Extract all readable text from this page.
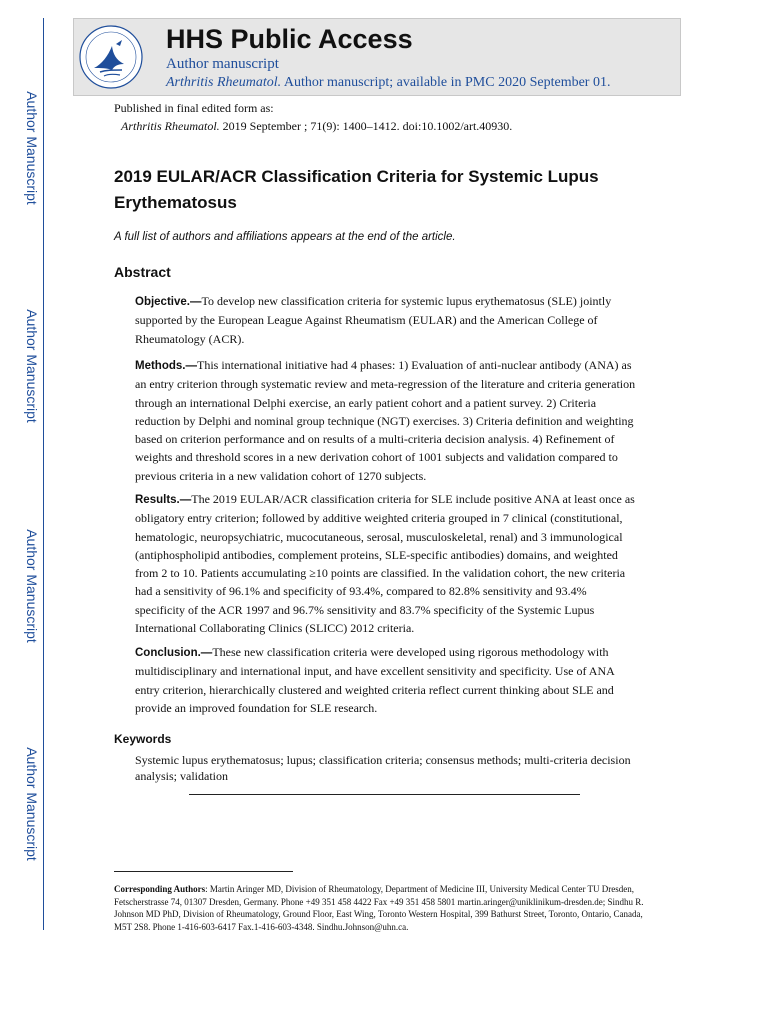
Author Manuscript
Author Manuscript
Author Manuscript
Author Manuscript
HHS Public Access
Author manuscript
Arthritis Rheumatol. Author manuscript; available in PMC 2020 September 01.
Published in final edited form as:
Arthritis Rheumatol. 2019 September ; 71(9): 1400–1412. doi:10.1002/art.40930.
2019 EULAR/ACR Classification Criteria for Systemic Lupus Erythematosus
A full list of authors and affiliations appears at the end of the article.
Abstract

Objective.—To develop new classification criteria for systemic lupus erythematosus (SLE) jointly supported by the European League Against Rheumatism (EULAR) and the American College of Rheumatology (ACR).

Methods.—This international initiative had 4 phases: 1) Evaluation of anti-nuclear antibody (ANA) as an entry criterion through systematic review and meta-regression of the literature and criteria generation through an international Delphi exercise, an early patient cohort and a patient survey. 2) Criteria reduction by Delphi and nominal group technique (NGT) exercises. 3) Criteria definition and weighting based on criterion performance and on results of a multi-criteria decision analysis. 4) Refinement of weights and threshold scores in a new derivation cohort of 1001 subjects and validation compared to previous criteria in a new validation cohort of 1270 subjects.

Results.—The 2019 EULAR/ACR classification criteria for SLE include positive ANA at least once as obligatory entry criterion; followed by additive weighted criteria grouped in 7 clinical (constitutional, hematologic, neuropsychiatric, mucocutaneous, serosal, musculoskeletal, renal) and 3 immunological (antiphospholipid antibodies, complement proteins, SLE-specific antibodies) domains, and weighted from 2 to 10. Patients accumulating ≥10 points are classified. In the validation cohort, the new criteria had a sensitivity of 96.1% and specificity of 93.4%, compared to 82.8% sensitivity and 93.4% specificity of the ACR 1997 and 96.7% sensitivity and 83.7% specificity of the Systemic Lupus International Collaborating Clinics (SLICC) 2012 criteria.

Conclusion.—These new classification criteria were developed using rigorous methodology with multidisciplinary and international input, and have excellent sensitivity and specificity. Use of ANA entry criterion, hierarchically clustered and weighted criteria reflect current thinking about SLE and provide an improved foundation for SLE research.

Keywords
Systemic lupus erythematosus; lupus; classification criteria; consensus methods; multi-criteria decision analysis; validation
Corresponding Authors: Martin Aringer MD, Division of Rheumatology, Department of Medicine III, University Medical Center TU Dresden, Fetscherstrasse 74, 01307 Dresden, Germany. Phone +49 351 458 4422 Fax +49 351 458 5801 martin.aringer@uniklinikum-dresden.de; Sindhu R. Johnson MD PhD, Division of Rheumatology, Ground Floor, East Wing, Toronto Western Hospital, 399 Bathurst Street, Toronto, Ontario, Canada, M5T 2S8. Phone 1-416-603-6417 Fax.1-416-603-4348. Sindhu.Johnson@uhn.ca.
